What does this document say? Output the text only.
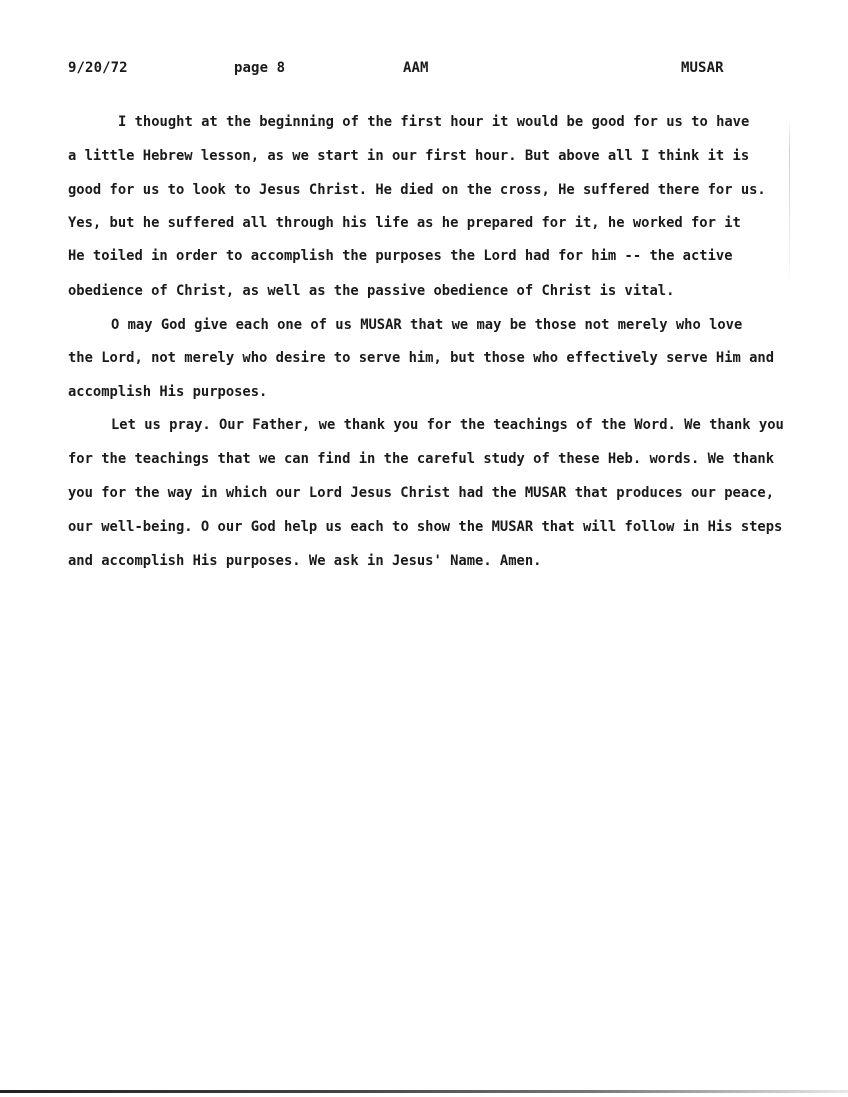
9/20/72	page 8	AAM	MUSAR
I thought at the beginning of the first hour it would be good for us to have
a little Hebrew lesson, as we start in our first hour. But above all I think it is
good for us to look to Jesus Christ. He died on the cross, He suffered there for us.
Yes, but he suffered all through his life as he prepared for it, he worked for it
He toiled in order to accomplish the purposes the Lord had for him -- the active
obedience of Christ, as well as the passive obedience of Christ is vital.
O may God give each one of us MUSAR that we may be those not merely who love
the Lord, not merely who desire to serve him, but those who effectively serve Him and
accomplish His purposes.
Let us pray. Our Father, we thank you for the teachings of the Word. We thank you
for the teachings that we can find in the careful study of these Heb. words. We thank
you for the way in which our Lord Jesus Christ had the MUSAR that produces our peace,
our well-being. O our God help us each to show the MUSAR that will follow in His steps
and accomplish His purposes. We ask in Jesus' Name. Amen.
